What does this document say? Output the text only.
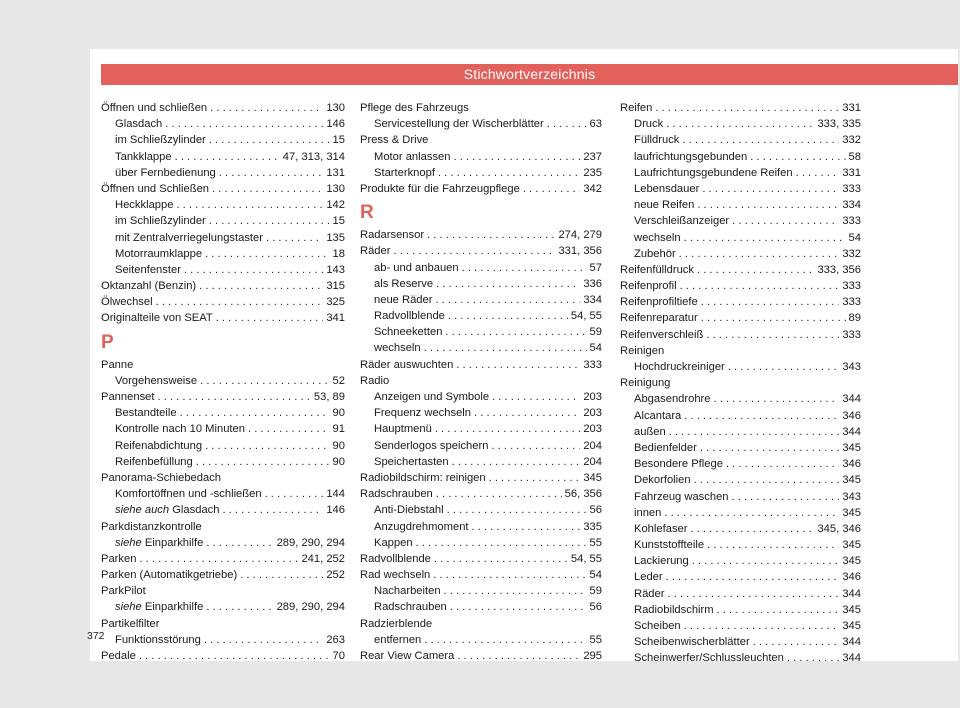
Stichwortverzeichnis
Öffnen und schließen . . .	130
Glasdach . . .	146
im Schließzylinder . . .	15
Tankklappe . . .	47, 313, 314
über Fernbedienung . . .	131
Öffnen und Schließen . . .	130
Heckklappe . . .	142
im Schließzylinder . . .	15
mit Zentralverriegelungstaster . . .	135
Motorraumklappe . . .	18
Seitenfenster . . .	143
Oktanzahl (Benzin) . . .	315
Ölwechsel . . .	325
Originalteile von SEAT . . .	341
P
Panne
Vorgehensweise . . .	52
Pannenset . . .	53, 89
Bestandteile . . .	90
Kontrolle nach 10 Minuten . . .	91
Reifenabdichtung . . .	90
Reifenbefüllung . . .	90
Panorama-Schiebedach
Komfortöffnen und -schließen . . .	144
siehe auch Glasdach . . .	146
Parkdistanzkontrolle
siehe Einparkhilfe . . .	289, 290, 294
Parken . . .	241, 252
Parken (Automatikgetriebe) . . .	252
ParkPilot
siehe Einparkhilfe . . .	289, 290, 294
Partikelfilter
Funktionsstörung . . .	263
Pedale . . .	70
Pflege des Fahrzeugs
Servicestellung der Wischerblätter . . .	63
Press & Drive
Motor anlassen . . .	237
Starterknopf . . .	235
Produkte für die Fahrzeugpflege . . .	342
R
Radarsensor . . .	274, 279
Räder . . .	331, 356
ab- und anbauen . . .	57
als Reserve . . .	336
neue Räder . . .	334
Radvollblende . . .	54, 55
Schneeketten . . .	59
wechseln . . .	54
Räder auswuchten . . .	333
Radio
Anzeigen und Symbole . . .	203
Frequenz wechseln . . .	203
Hauptmenü . . .	203
Senderlogos speichern . . .	204
Speichertasten . . .	204
Radiobildschirm: reinigen . . .	345
Radschrauben . . .	56, 356
Anti-Diebstahl . . .	56
Anzugdrehmoment . . .	335
Kappen . . .	55
Radvollblende . . .	54, 55
Rad wechseln . . .	54
Nacharbeiten . . .	59
Radschrauben . . .	56
Radzierblende
entfernen . . .	55
Rear View Camera . . .	295
Reifen . . .	331
Druck . . .	333, 335
Fülldruck . . .	332
laufrichtungsgebunden . . .	58
Laufrichtungsgebundene Reifen . . .	331
Lebensdauer . . .	333
neue Reifen . . .	334
Verschleißanzeiger . . .	333
wechseln . . .	54
Zubehör . . .	332
Reifenfülldruck . . .	333, 356
Reifenprofil . . .	333
Reifenprofiltiefe . . .	333
Reifenreparatur . . .	89
Reifenverschleiß . . .	333
Reinigen
Hochdruckreiniger . . .	343
Reinigung
Abgasendrohre . . .	344
Alcantara . . .	346
außen . . .	344
Bedienfelder . . .	345
Besondere Pflege . . .	346
Dekorfolien . . .	345
Fahrzeug waschen . . .	343
innen . . .	345
Kohlefaser . . .	345, 346
Kunststoffteile . . .	345
Lackierung . . .	345
Leder . . .	346
Räder . . .	344
Radiobildschirm . . .	345
Scheiben . . .	345
Scheibenwischerblätter . . .	344
Scheinwerfer/Schlussleuchten . . .	344
372
